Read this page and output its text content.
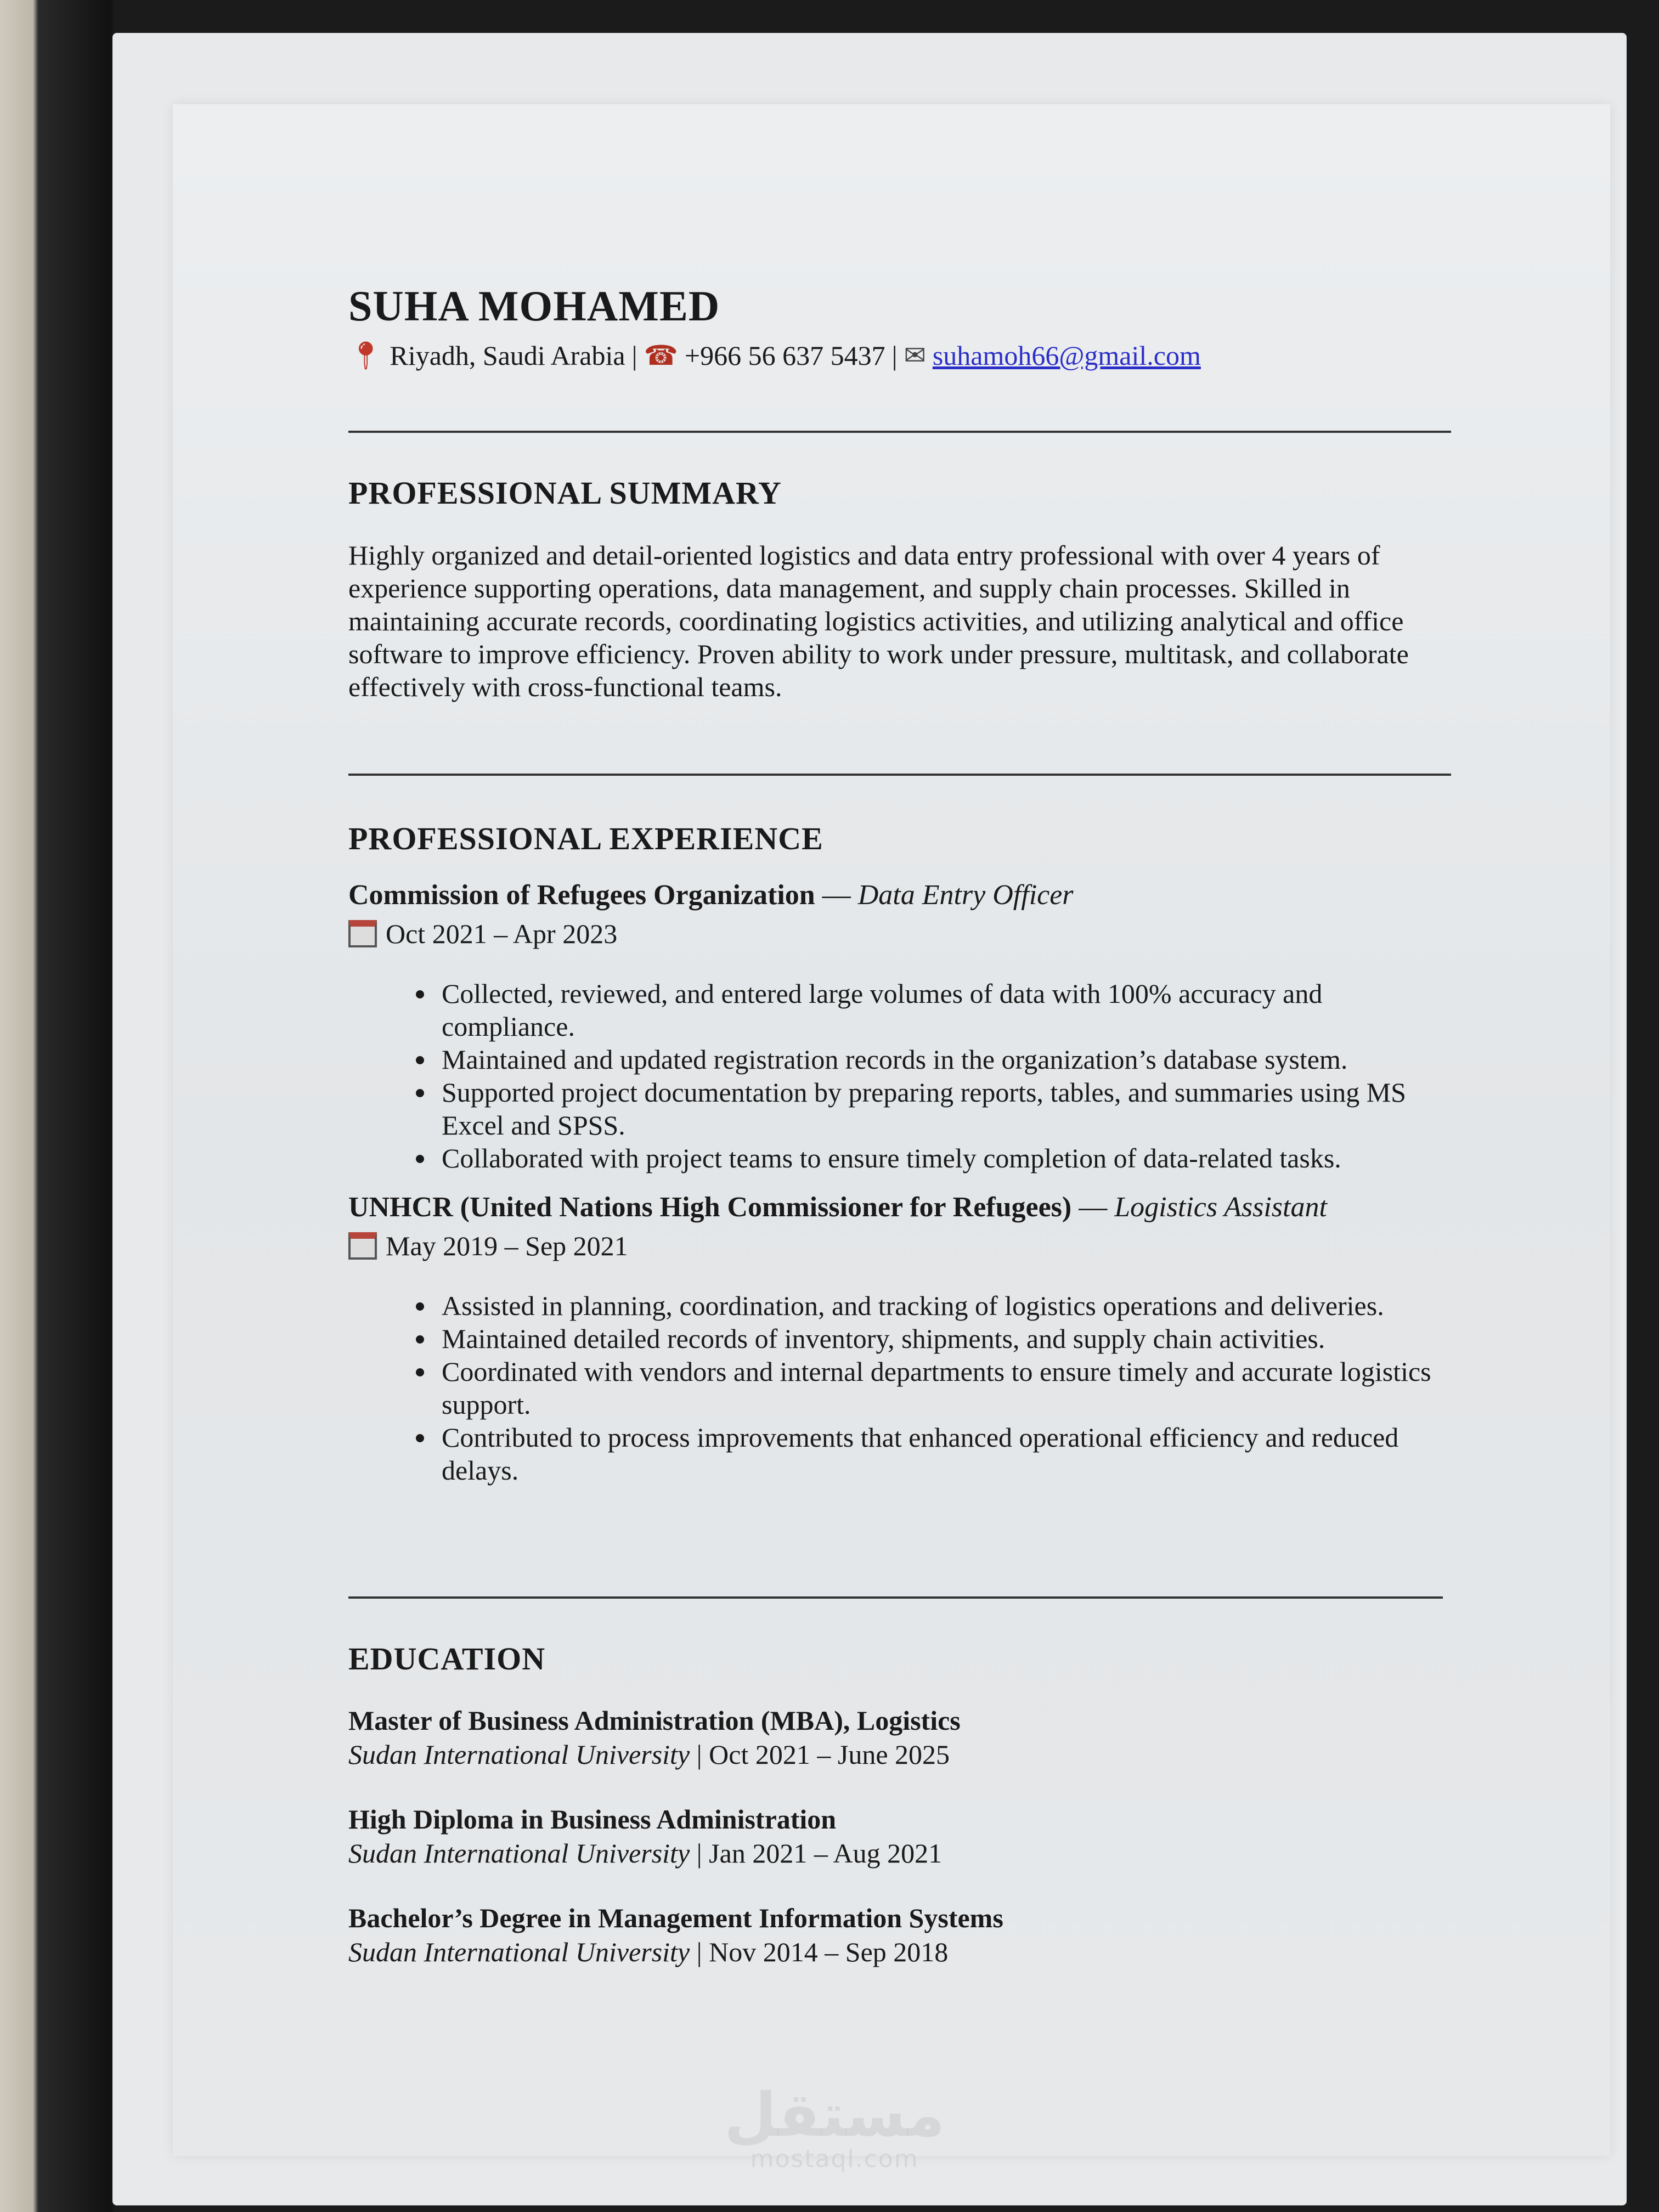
SUHA MOHAMED
📍︎ Riyadh, Saudi Arabia | ☎ +966 56 637 5437 | ✉ suhamoh66@gmail.com
PROFESSIONAL SUMMARY

Highly organized and detail-oriented logistics and data entry professional with over 4 years of experience supporting operations, data management, and supply chain processes. Skilled in maintaining accurate records, coordinating logistics activities, and utilizing analytical and office software to improve efficiency. Proven ability to work under pressure, multitask, and collaborate effectively with cross-functional teams.

PROFESSIONAL EXPERIENCE

Commission of Refugees Organization — Data Entry Officer

Oct 2021 – Apr 2023
• Collected, reviewed, and entered large volumes of data with 100% accuracy and compliance.
• Maintained and updated registration records in the organization’s database system.
• Supported project documentation by preparing reports, tables, and summaries using MS Excel and SPSS.
• Collaborated with project teams to ensure timely completion of data-related tasks.

UNHCR (United Nations High Commissioner for Refugees) — Logistics Assistant

May 2019 – Sep 2021
• Assisted in planning, coordination, and tracking of logistics operations and deliveries.
• Maintained detailed records of inventory, shipments, and supply chain activities.
• Coordinated with vendors and internal departments to ensure timely and accurate logistics support.
• Contributed to process improvements that enhanced operational efficiency and reduced delays.
EDUCATION

Master of Business Administration (MBA), Logistics

Sudan International University | Oct 2021 – June 2025

High Diploma in Business Administration

Sudan International University | Jan 2021 – Aug 2021

Bachelor’s Degree in Management Information Systems

Sudan International University | Nov 2014 – Sep 2018

مستقل
mostaql.com
